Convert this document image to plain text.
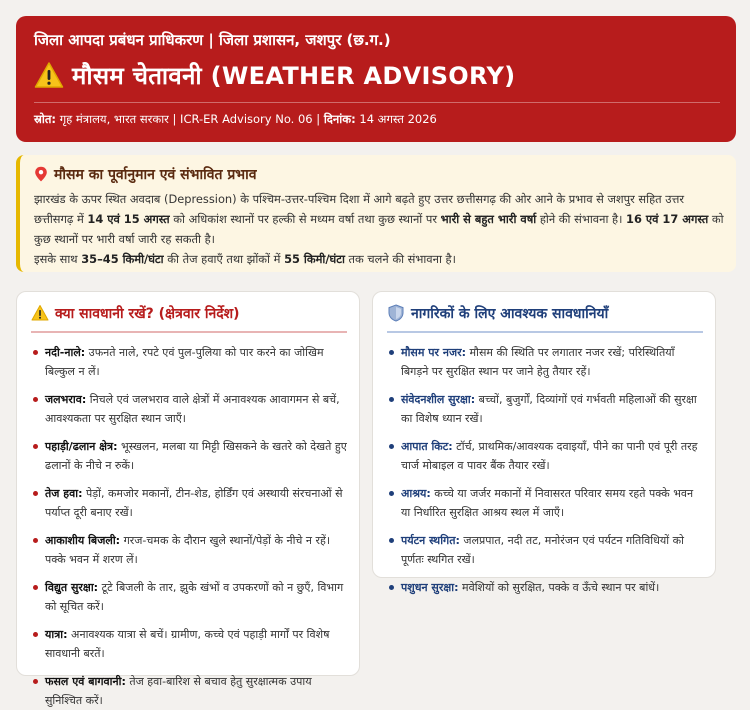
जिला आपदा प्रबंधन प्राधिकरण | जिला प्रशासन, जशपुर (छ.ग.)
मौसम चेतावनी (WEATHER ADVISORY)
स्रोत: गृह मंत्रालय, भारत सरकार | ICR-ER Advisory No. 06 | दिनांक: 14 अगस्त 2026
मौसम का पूर्वानुमान एवं संभावित प्रभाव
झारखंड के ऊपर स्थित अवदाब (Depression) के पश्चिम-उत्तर-पश्चिम दिशा में आगे बढ़ते हुए उत्तर छत्तीसगढ़ की ओर आने के प्रभाव से जशपुर सहित उत्तर छत्तीसगढ़ में 14 एवं 15 अगस्त को अधिकांश स्थानों पर हल्की से मध्यम वर्षा तथा कुछ स्थानों पर भारी से बहुत भारी वर्षा होने की संभावना है। 16 एवं 17 अगस्त को कुछ स्थानों पर भारी वर्षा जारी रह सकती है।
इसके साथ 35–45 किमी/घंटा की तेज हवाएँ तथा झोंकों में 55 किमी/घंटा तक चलने की संभावना है।
क्या सावधानी रखें? (क्षेत्रवार निर्देश)
नदी-नाले: उफनते नाले, रपटे एवं पुल-पुलिया को पार करने का जोखिम बिल्कुल न लें।
जलभराव: निचले एवं जलभराव वाले क्षेत्रों में अनावश्यक आवागमन से बचें, आवश्यकता पर सुरक्षित स्थान जाएँ।
पहाड़ी/ढलान क्षेत्र: भूस्खलन, मलबा या मिट्टी खिसकने के खतरे को देखते हुए ढलानों के नीचे न रुकें।
तेज हवा: पेड़ों, कमजोर मकानों, टीन-शेड, होर्डिंग एवं अस्थायी संरचनाओं से पर्याप्त दूरी बनाए रखें।
आकाशीय बिजली: गरज-चमक के दौरान खुले स्थानों/पेड़ों के नीचे न रहें। पक्के भवन में शरण लें।
विद्युत सुरक्षा: टूटे बिजली के तार, झुके खंभों व उपकरणों को न छुएँ, विभाग को सूचित करें।
यात्रा: अनावश्यक यात्रा से बचें। ग्रामीण, कच्चे एवं पहाड़ी मार्गों पर विशेष सावधानी बरतें।
फसल एवं बागवानी: तेज हवा-बारिश से बचाव हेतु सुरक्षात्मक उपाय सुनिश्चित करें।
नागरिकों के लिए आवश्यक सावधानियाँ
मौसम पर नजर: मौसम की स्थिति पर लगातार नजर रखें; परिस्थितियाँ बिगड़ने पर सुरक्षित स्थान पर जाने हेतु तैयार रहें।
संवेदनशील सुरक्षा: बच्चों, बुजुर्गों, दिव्यांगों एवं गर्भवती महिलाओं की सुरक्षा का विशेष ध्यान रखें।
आपात किट: टॉर्च, प्राथमिक/आवश्यक दवाइयाँ, पीने का पानी एवं पूरी तरह चार्ज मोबाइल व पावर बैंक तैयार रखें।
आश्रय: कच्चे या जर्जर मकानों में निवासरत परिवार समय रहते पक्के भवन या निर्धारित सुरक्षित आश्रय स्थल में जाएँ।
पर्यटन स्थगित: जलप्रपात, नदी तट, मनोरंजन एवं पर्यटन गतिविधियों को पूर्णतः स्थगित रखें।
पशुधन सुरक्षा: मवेशियों को सुरक्षित, पक्के व ऊँचे स्थान पर बांधें।
